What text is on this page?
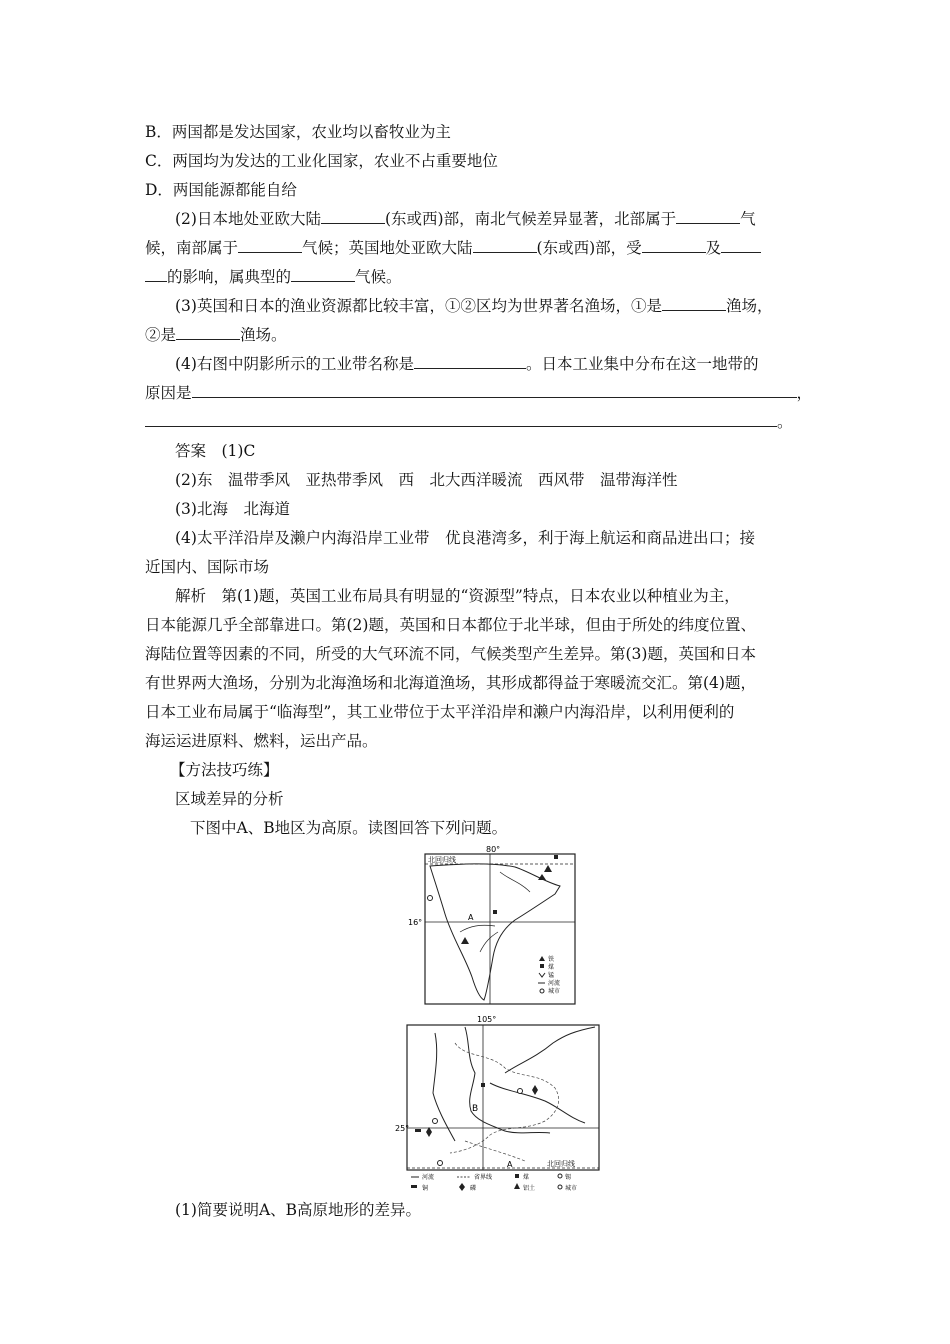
B．两国都是发达国家，农业均以畜牧业为主
C．两国均为发达的工业化国家，农业不占重要地位
D．两国能源都能自给
(2)日本地处亚欧大陆	(东或西)部，南北气候差异显著，北部属于	气
候，南部属于	气候；英国地处亚欧大陆	(东或西)部，受	及
的影响，属典型的	气候。
(3)英国和日本的渔业资源都比较丰富，①②区均为世界著名渔场，①是	渔场，
②是	渔场。
(4)右图中阴影所示的工业带名称是	。日本工业集中分布在这一地带的
原因是	，
。
答案　(1)C
(2)东　温带季风　亚热带季风　西　北大西洋暖流　西风带　温带海洋性
(3)北海　北海道
(4)太平洋沿岸及濑户内海沿岸工业带　优良港湾多，利于海上航运和商品进出口；接
近国内、国际市场
解析　第(1)题，英国工业布局具有明显的“资源型”特点，日本农业以种植业为主，
日本能源几乎全部靠进口。第(2)题，英国和日本都位于北半球，但由于所处的纬度位置、
海陆位置等因素的不同，所受的大气环流不同，气候类型产生差异。第(3)题，英国和日本
有世界两大渔场，分别为北海渔场和北海道渔场，其形成都得益于寒暖流交汇。第(4)题，
日本工业布局属于“临海型”，其工业带位于太平洋沿岸和濑户内海沿岸，以利用便利的
海运运进原料、燃料，运出产品。
【方法技巧练】
区域差异的分析
下图中A、B地区为高原。读图回答下列问题。
80°
北回归线
16°
A
铁
煤
锰
河流
城市
105°
25°
北回归线
B
A
河流	省界线	煤	锡
铜	磷	铝土	城市
(1)简要说明A、B高原地形的差异。
